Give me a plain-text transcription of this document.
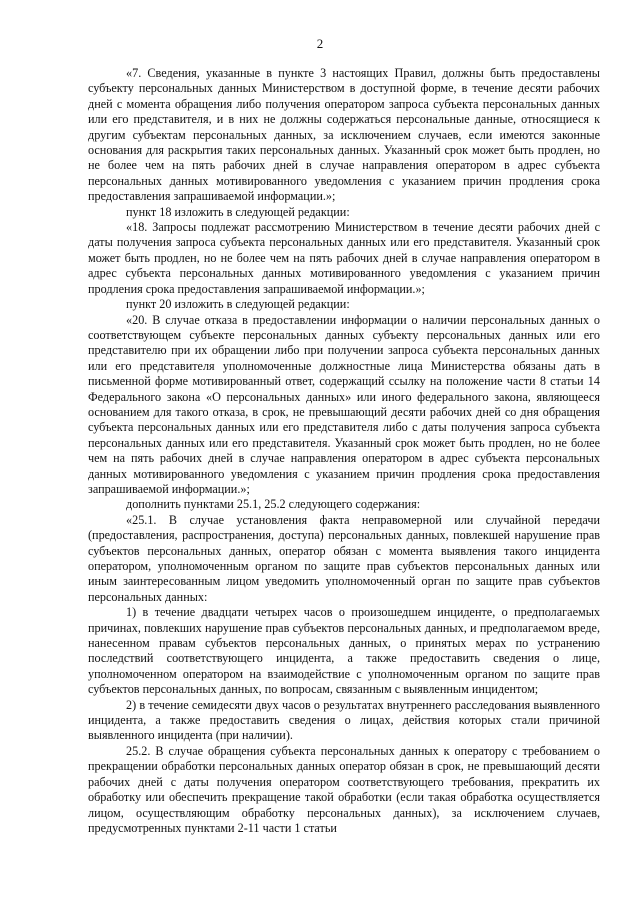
2

«7. Сведения, указанные в пункте 3 настоящих Правил, должны быть предоставлены субъекту персональных данных Министерством в доступной форме, в течение десяти рабочих дней с момента обращения либо получения оператором запроса субъекта персональных данных или его представителя, и в них не должны содержаться персональные данные, относящиеся к другим субъектам персональных данных, за исключением случаев, если имеются законные основания для раскрытия таких персональных данных. Указанный срок может быть продлен, но не более чем на пять рабочих дней в случае направления оператором в адрес субъекта персональных данных мотивированного уведомления с указанием причин продления срока предоставления запрашиваемой информации.»;

пункт 18 изложить в следующей редакции:

«18. Запросы подлежат рассмотрению Министерством в течение десяти рабочих дней с даты получения запроса субъекта персональных данных или его представителя. Указанный срок может быть продлен, но не более чем на пять рабочих дней в случае направления оператором в адрес субъекта персональных данных мотивированного уведомления с указанием причин продления срока предоставления запрашиваемой информации.»;

пункт 20 изложить в следующей редакции:

«20. В случае отказа в предоставлении информации о наличии персональных данных о соответствующем субъекте персональных данных субъекту персональных данных или его представителю при их обращении либо при получении запроса субъекта персональных данных или его представителя уполномоченные должностные лица Министерства обязаны дать в письменной форме мотивированный ответ, содержащий ссылку на положение части 8 статьи 14 Федерального закона «О персональных данных» или иного федерального закона, являющееся основанием для такого отказа, в срок, не превышающий десяти рабочих дней со дня обращения субъекта персональных данных или его представителя либо с даты получения запроса субъекта персональных данных или его представителя. Указанный срок может быть продлен, но не более чем на пять рабочих дней в случае направления оператором в адрес субъекта персональных данных мотивированного уведомления с указанием причин продления срока предоставления запрашиваемой информации.»;

дополнить пунктами 25.1, 25.2 следующего содержания:

«25.1. В случае установления факта неправомерной или случайной передачи (предоставления, распространения, доступа) персональных данных, повлекшей нарушение прав субъектов персональных данных, оператор обязан с момента выявления такого инцидента оператором, уполномоченным органом по защите прав субъектов персональных данных или иным заинтересованным лицом уведомить уполномоченный орган по защите прав субъектов персональных данных:

1) в течение двадцати четырех часов о произошедшем инциденте, о предполагаемых причинах, повлекших нарушение прав субъектов персональных данных, и предполагаемом вреде, нанесенном правам субъектов персональных данных, о принятых мерах по устранению последствий соответствующего инцидента, а также предоставить сведения о лице, уполномоченном оператором на взаимодействие с уполномоченным органом по защите прав субъектов персональных данных, по вопросам, связанным с выявленным инцидентом;

2) в течение семидесяти двух часов о результатах внутреннего расследования выявленного инцидента, а также предоставить сведения о лицах, действия которых стали причиной выявленного инцидента (при наличии).

25.2. В случае обращения субъекта персональных данных к оператору с требованием о прекращении обработки персональных данных оператор обязан в срок, не превышающий десяти рабочих дней с даты получения оператором соответствующего требования, прекратить их обработку или обеспечить прекращение такой обработки (если такая обработка осуществляется лицом, осуществляющим обработку персональных данных), за исключением случаев, предусмотренных пунктами 2-11 части 1 статьи
